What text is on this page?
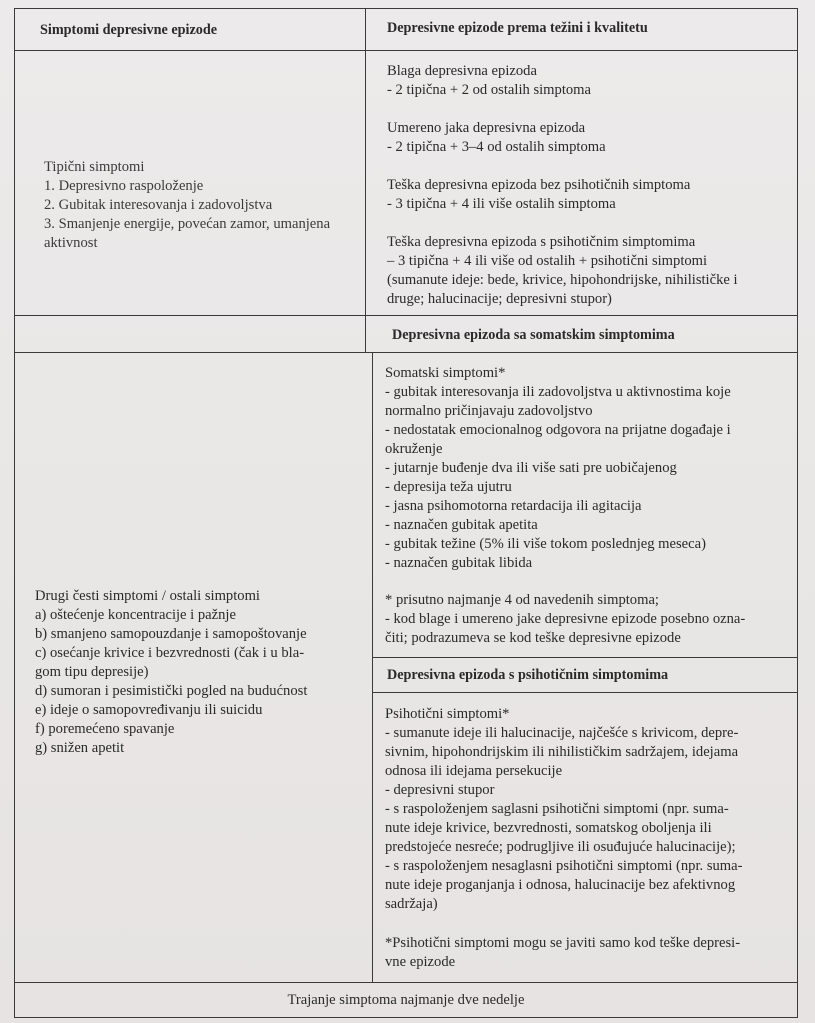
Simptomi depresivne epizode	Depresivne epizode prema težini i kvalitetu
Tipični simptomi
1. Depresivno raspoloženje
2. Gubitak interesovanja i zadovoljstva
3. Smanjenje energije, povećan zamor, umanjena
aktivnost
Blaga depresivna epizoda
- 2 tipična + 2 od ostalih simptoma
Umereno jaka depresivna epizoda
- 2 tipična + 3–4 od ostalih simptoma
Teška depresivna epizoda bez psihotičnih simptoma
- 3 tipična + 4 ili više ostalih simptoma
Teška depresivna epizoda s psihotičnim simptomima
– 3 tipična + 4 ili više od ostalih + psihotični simptomi
(sumanute ideje: bede, krivice, hipohondrijske, nihilističke i
druge; halucinacije; depresivni stupor)
Depresivna epizoda sa somatskim simptomima
Somatski simptomi*
- gubitak interesovanja ili zadovoljstva u aktivnostima koje
normalno pričinjavaju zadovoljstvo
- nedostatak emocionalnog odgovora na prijatne događaje i
okruženje
- jutarnje buđenje dva ili više sati pre uobičajenog
- depresija teža ujutru
- jasna psihomotorna retardacija ili agitacija
- naznačen gubitak apetita
- gubitak težine (5% ili više tokom poslednjeg meseca)
- naznačen gubitak libida
* prisutno najmanje 4 od navedenih simptoma;
- kod blage i umereno jake depresivne epizode posebno ozna-
čiti; podrazumeva se kod teške depresivne epizode
Drugi česti simptomi / ostali simptomi
a) oštećenje koncentracije i pažnje
b) smanjeno samopouzdanje i samopoštovanje
c) osećanje krivice i bezvrednosti (čak i u bla-
gom tipu depresije)
d) sumoran i pesimistički pogled na budućnost
e) ideje o samopovređivanju ili suicidu
f) poremećeno spavanje
g) snižen apetit
Depresivna epizoda s psihotičnim simptomima
Psihotični simptomi*
- sumanute ideje ili halucinacije, najčešće s krivicom, depre-
sivnim, hipohondrijskim ili nihilističkim sadržajem, idejama
odnosa ili idejama persekucije
- depresivni stupor
- s raspoloženjem saglasni psihotični simptomi (npr. suma-
nute ideje krivice, bezvrednosti, somatskog oboljenja ili
predstojeće nesreće; podrugljive ili osuđujuće halucinacije);
- s raspoloženjem nesaglasni psihotični simptomi (npr. suma-
nute ideje proganjanja i odnosa, halucinacije bez afektivnog
sadržaja)
*Psihotični simptomi mogu se javiti samo kod teške depresi-
vne epizode
Trajanje simptoma najmanje dve nedelje
